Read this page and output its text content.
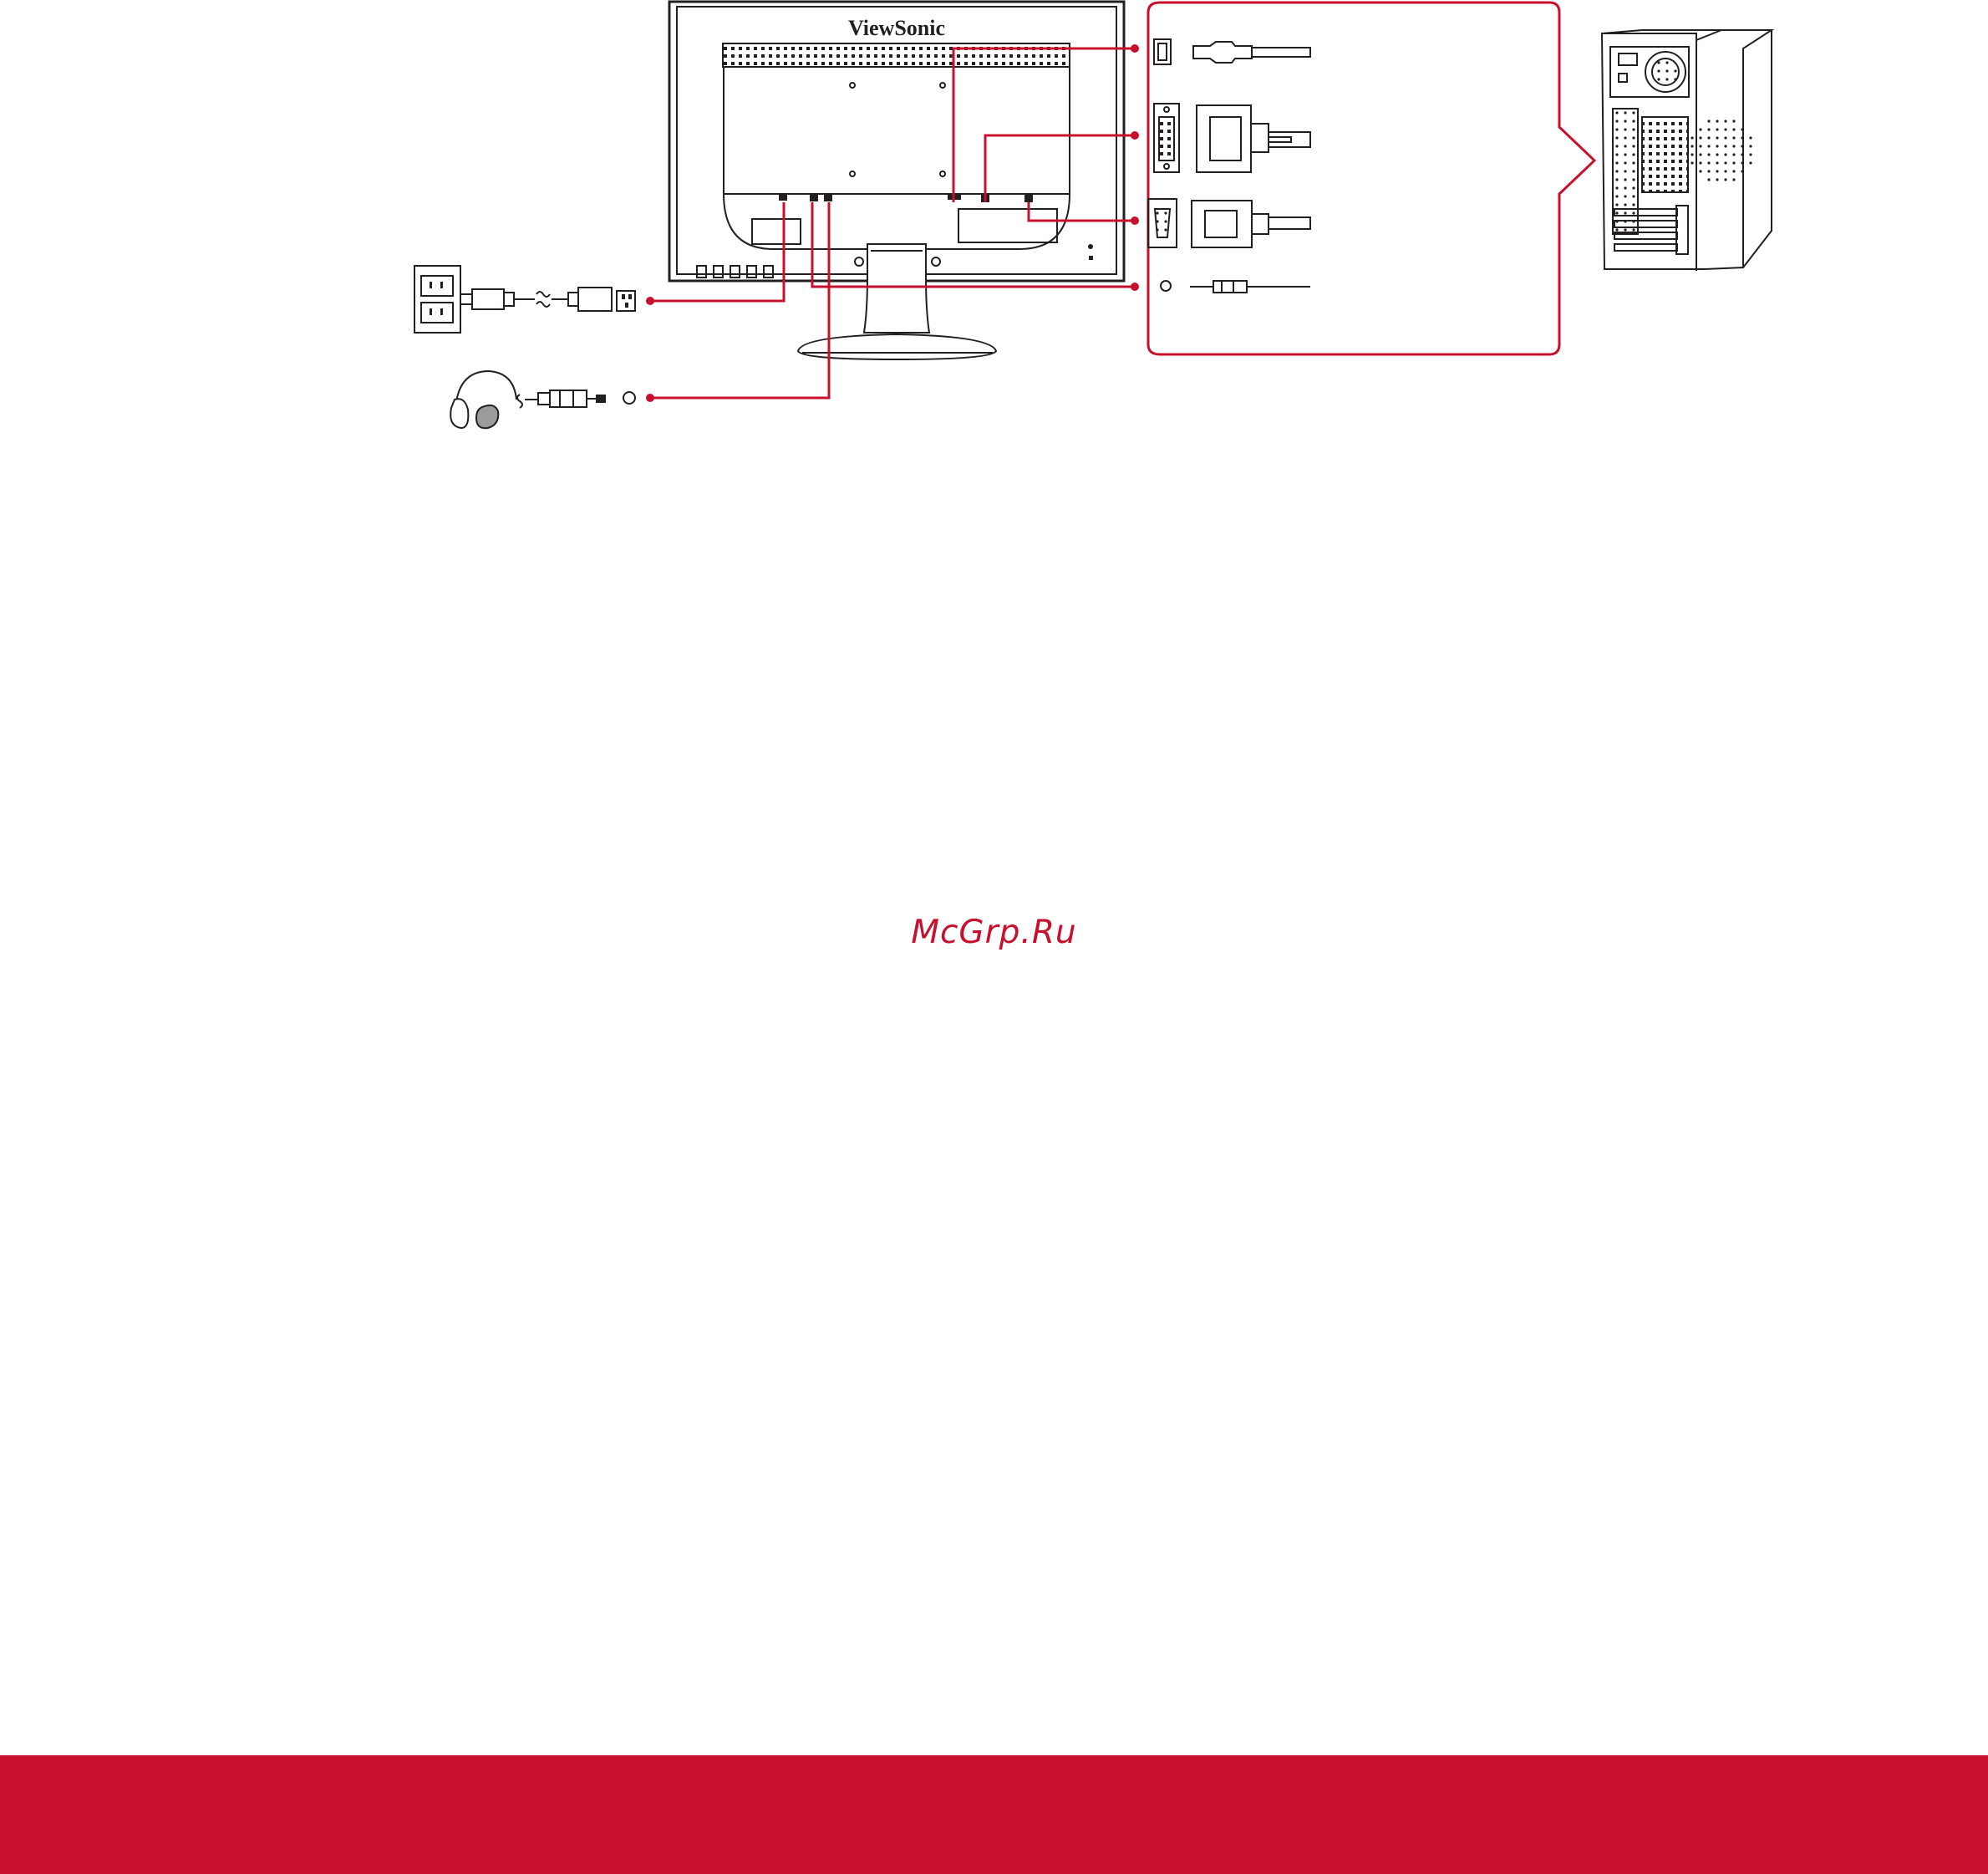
ViewSonic
McGrp.Ru
